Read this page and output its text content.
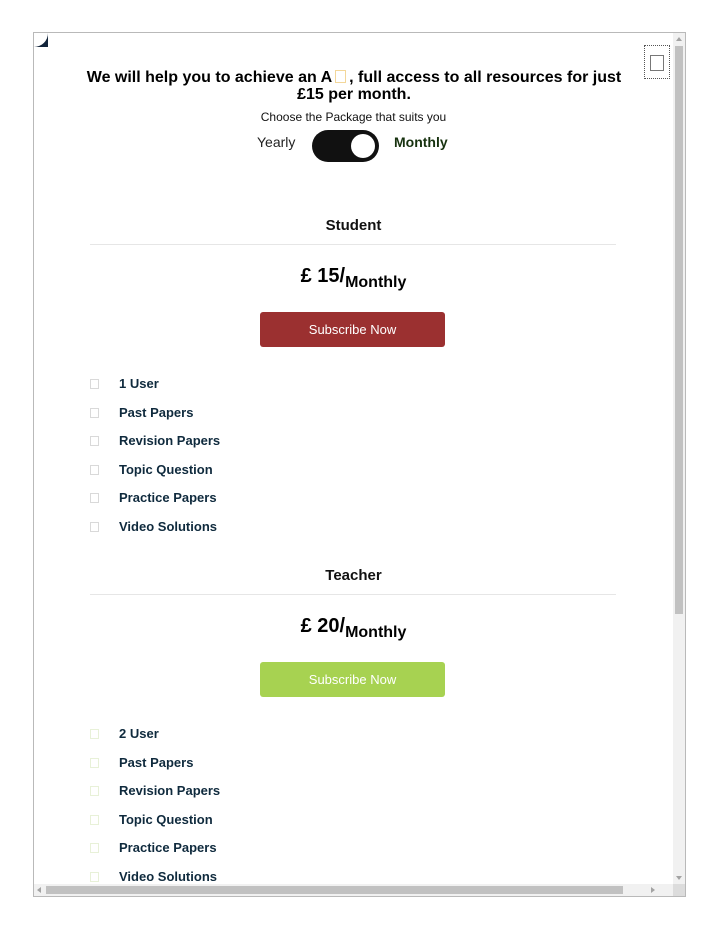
We will help you to achieve an A , full access to all resources for just
£15 per month.
Choose the Package that suits you
Yearly	Monthly
Student
£ 15/Monthly
Subscribe Now
1 User
Past Papers
Revision Papers
Topic Question
Practice Papers
Video Solutions
Teacher
£ 20/Monthly
Subscribe Now
2 User
Past Papers
Revision Papers
Topic Question
Practice Papers
Video Solutions
